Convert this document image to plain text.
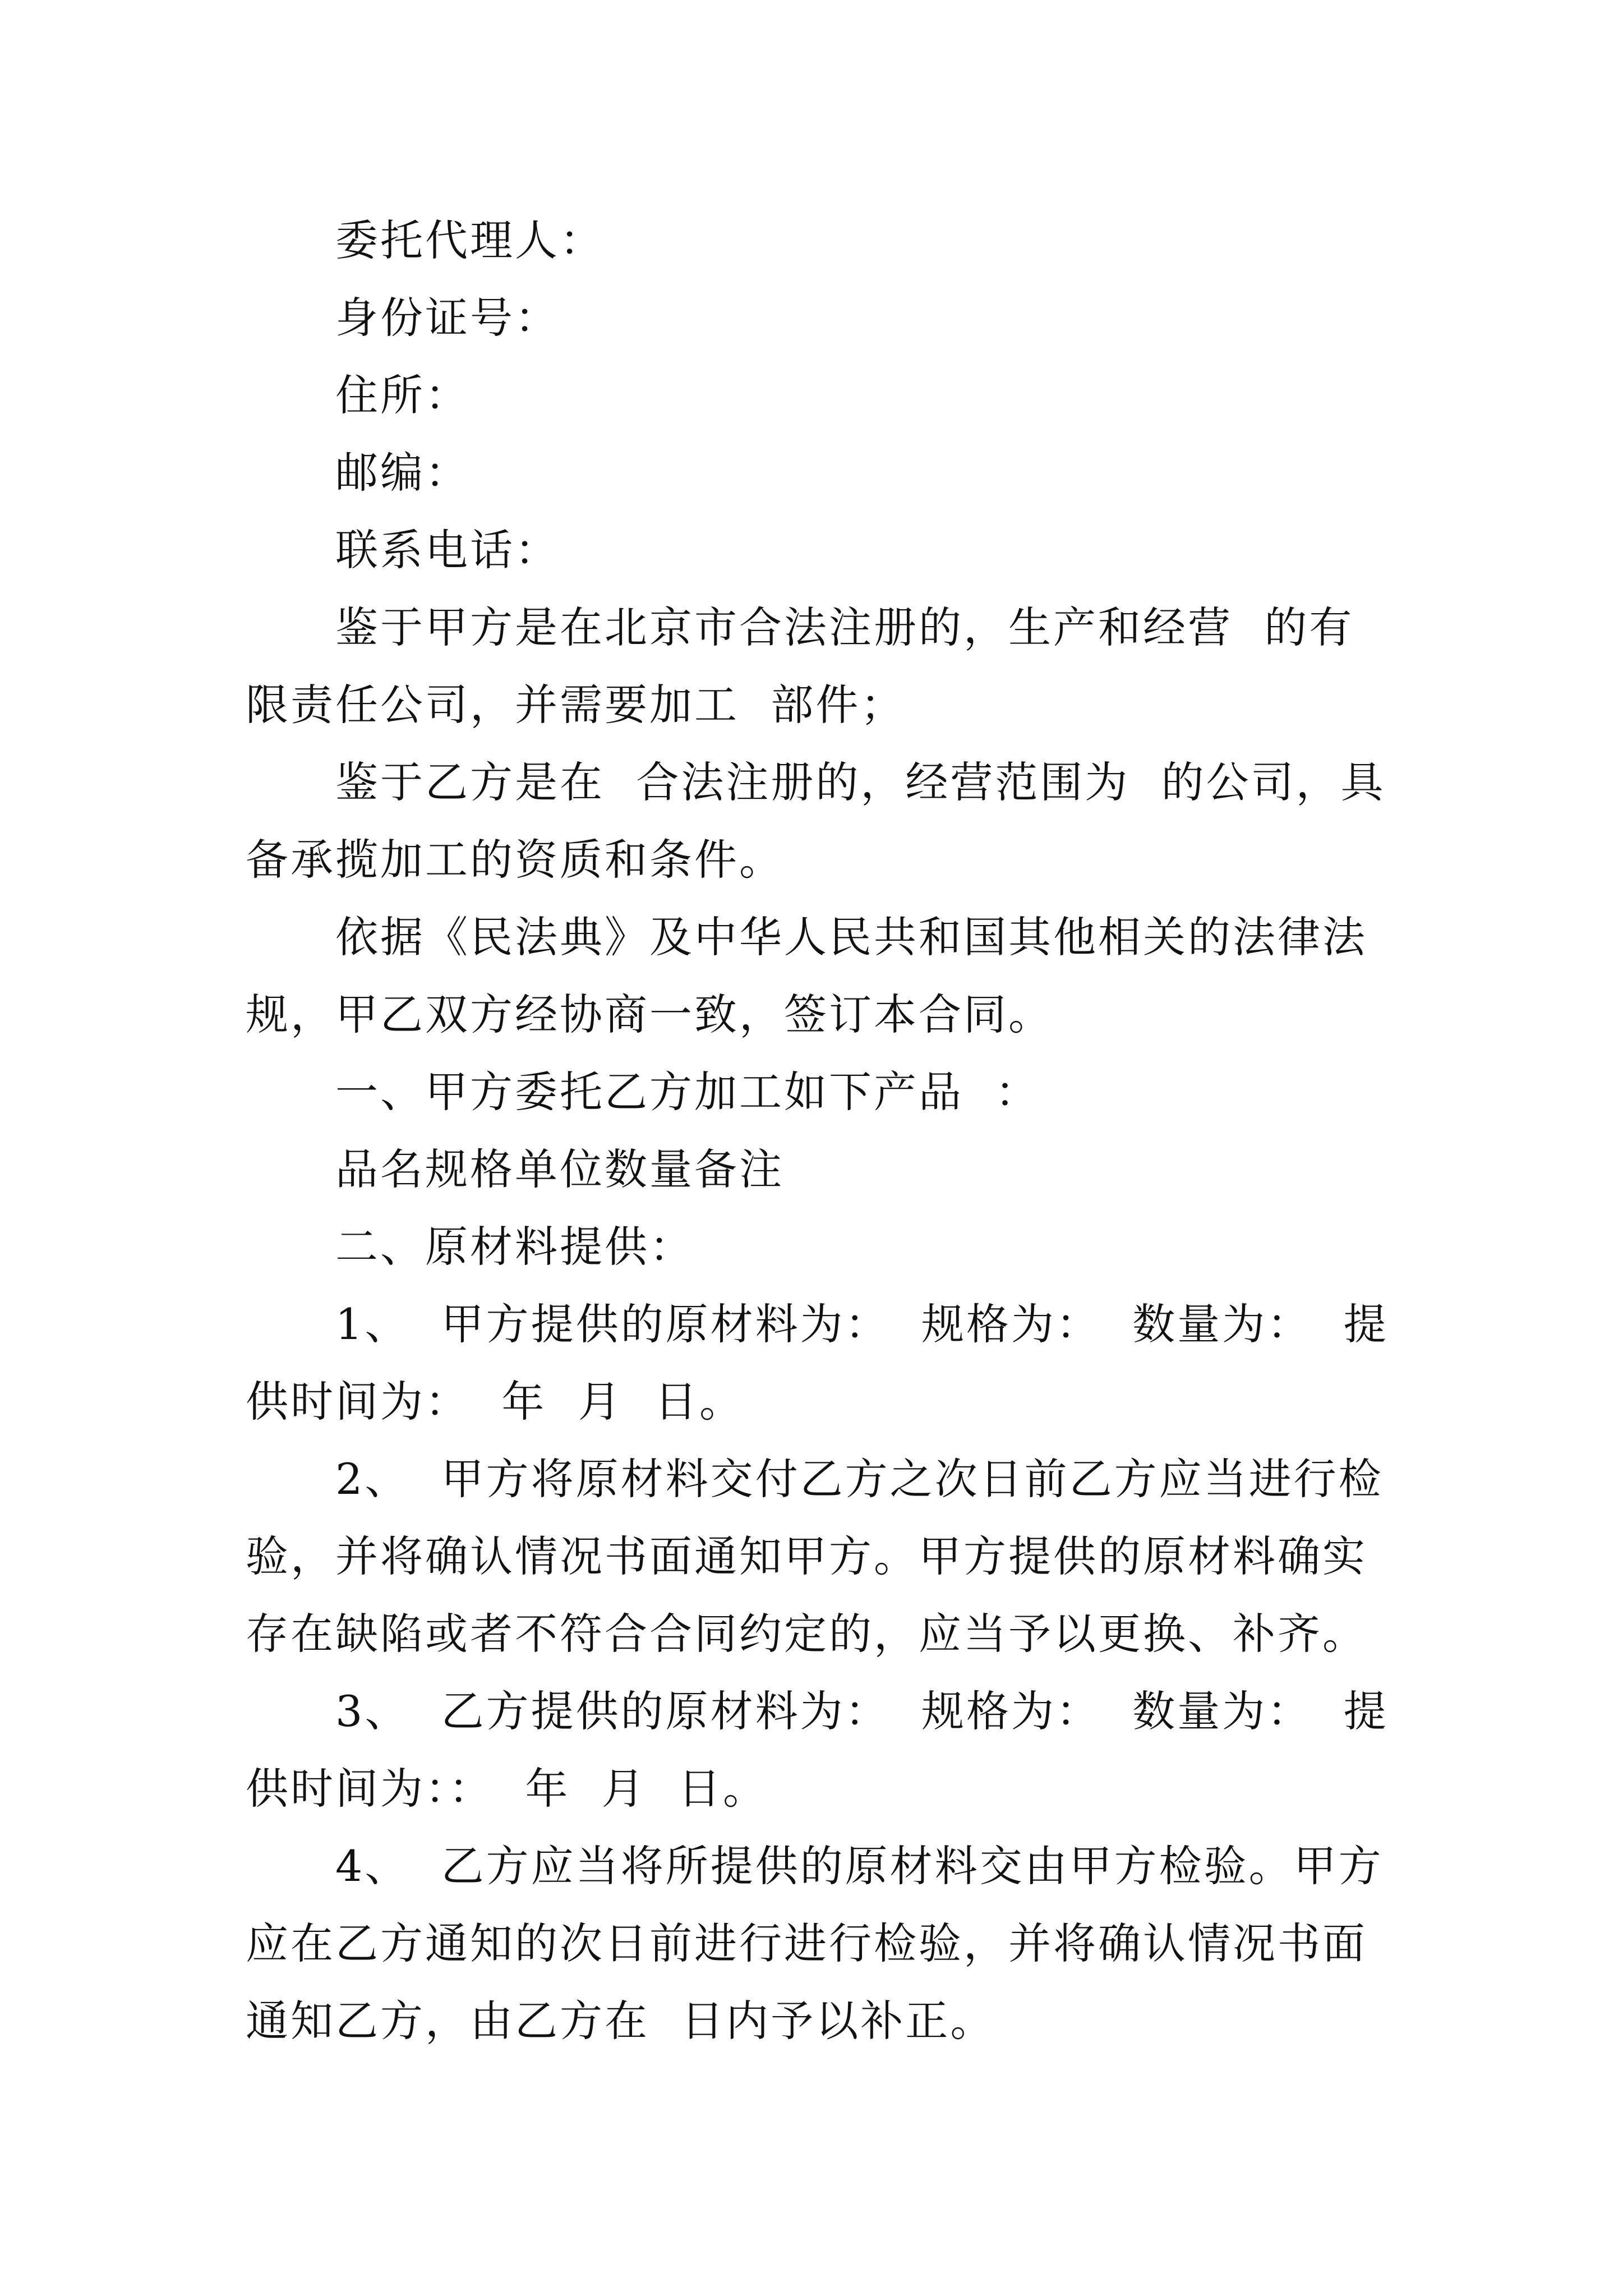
委托代理人：

身份证号：

住所：

邮编：

联系电话：

鉴于甲方是在北京市合法注册的，生产和经营  的有限责任公司，并需要加工  部件；

鉴于乙方是在  合法注册的，经营范围为  的公司，具备承揽加工的资质和条件。

依据《民法典》及中华人民共和国其他相关的法律法规，甲乙双方经协商一致，签订本合同。

一、甲方委托乙方加工如下产品  ：

品名规格单位数量备注

二、原材料提供：

1、  甲方提供的原材料为：  规格为：  数量为：  提供时间为：  年  月  日。

2、  甲方将原材料交付乙方之次日前乙方应当进行检验，并将确认情况书面通知甲方。甲方提供的原材料确实存在缺陷或者不符合合同约定的，应当予以更换、补齐。

3、  乙方提供的原材料为：  规格为：  数量为：  提供时间为：：  年  月  日。

4、  乙方应当将所提供的原材料交由甲方检验。甲方应在乙方通知的次日前进行进行检验，并将确认情况书面通知乙方，由乙方在  日内予以补正。
